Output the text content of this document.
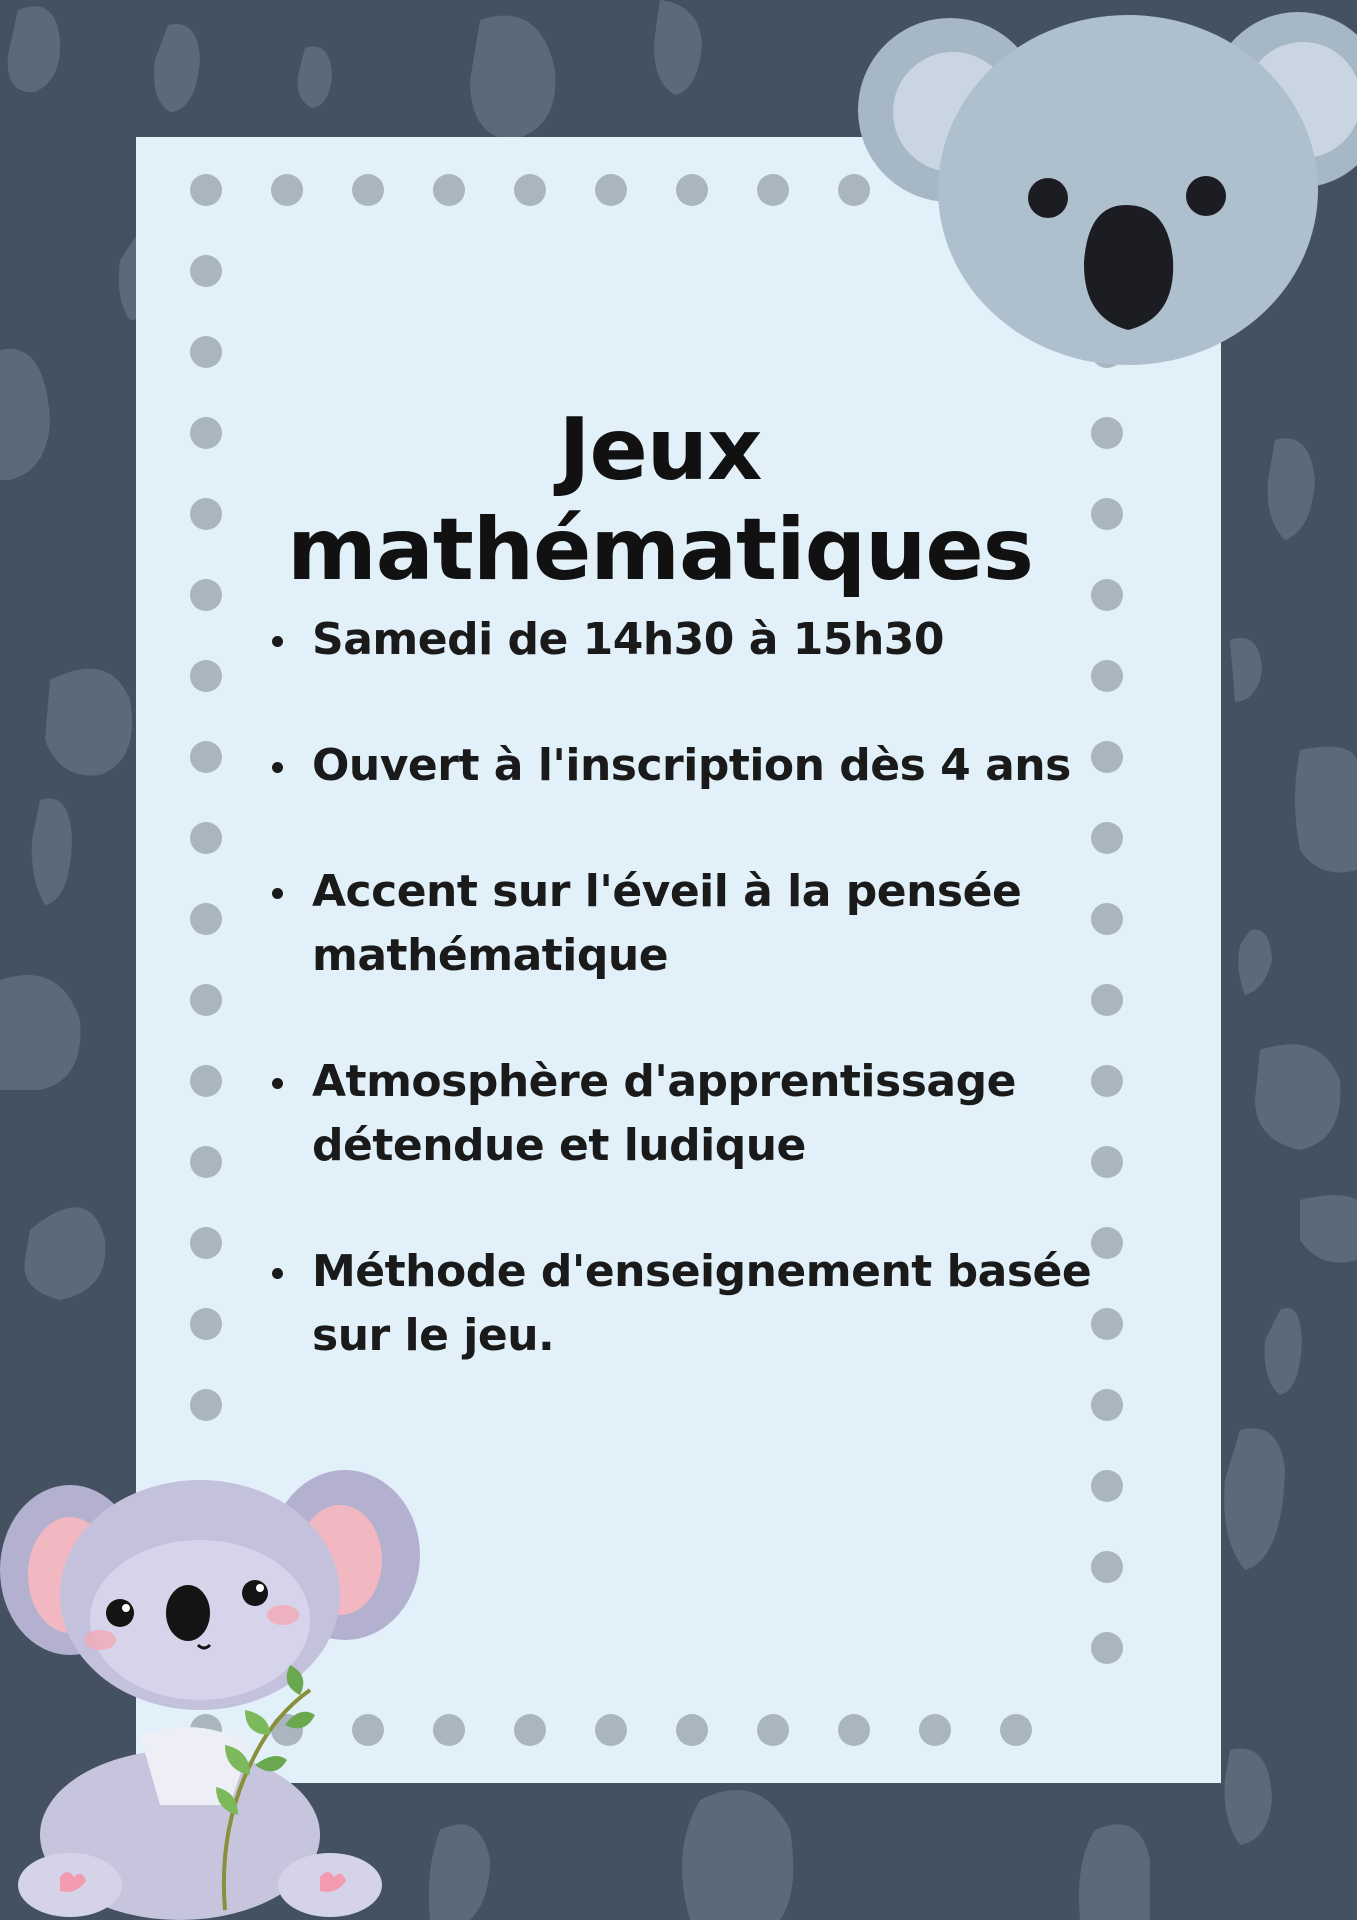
Jeux mathématiques
Samedi de 14h30 à 15h30
Ouvert à l'inscription dès 4 ans
Accent sur l'éveil à la pensée mathématique
Atmosphère d'apprentissage détendue et ludique
Méthode d'enseignement basée sur le jeu.
